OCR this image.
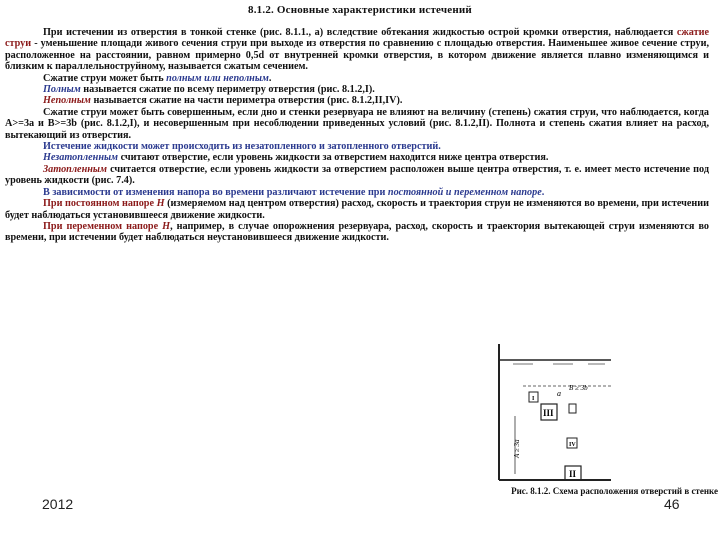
8.1.2. Основные характеристики истечений

При истечении из отверстия в тонкой стенке (рис. 8.1.1., а) вследствие обтекания жидкостью острой кромки отверстия, наблюдается сжатие струи - уменьшение площади живого сечения струи при выходе из отверстия по сравнению с площадью отверстия. Наименьшее живое сечение струи, расположенное на расстоянии, равном примерно 0,5d от внутренней кромки отверстия, в котором движение является плавно изменяющимся и близким к параллельноструйному, называется сжатым сечением.

Сжатие струи может быть полным или неполным.

Полным называется сжатие по всему периметру отверстия (рис. 8.1.2,I).

Неполным называется сжатие на части периметра отверстия (рис. 8.1.2,II,IV).

Сжатие струи может быть совершенным, если дно и стенки резервуара не влияют на величину (степень) сжатия струи, что наблюдается, когда A>=3a и B>=3b (рис. 8.1.2,I), и несовершенным при несоблюдении приведенных условий (рис. 8.1.2,II). Полнота и степень сжатия влияет на расход, вытекающий из отверстия.

Истечение жидкости может происходить из незатопленного и затопленного отверстий.

Незатопленным считают отверстие, если уровень жидкости за отверстием находится ниже центра отверстия.

Затопленным считается отверстие, если уровень жидкости за отверстием расположен выше центра отверстия, т. е. имеет место истечение под уровень жидкости (рис. 7.4).

В зависимости от изменения напора во времени различают истечение при постоянной и переменном напоре.

При постоянном напоре H (измеряемом над центром отверстия) расход, скорость и траектория струи не изменяются во времени, при истечении будет наблюдаться установившееся движение жидкости.

При переменном напоре H, например, в случае опорожнения резервуара, расход, скорость и траектория вытекающей струи изменяются во времени, при истечении будет наблюдаться неустановившееся движение жидкости.

III
a
B ≥ 3b
A ≥ 3a
II
I
IV
Рис. 8.1.2. Схема расположения отверстий в стенке
2012	46
